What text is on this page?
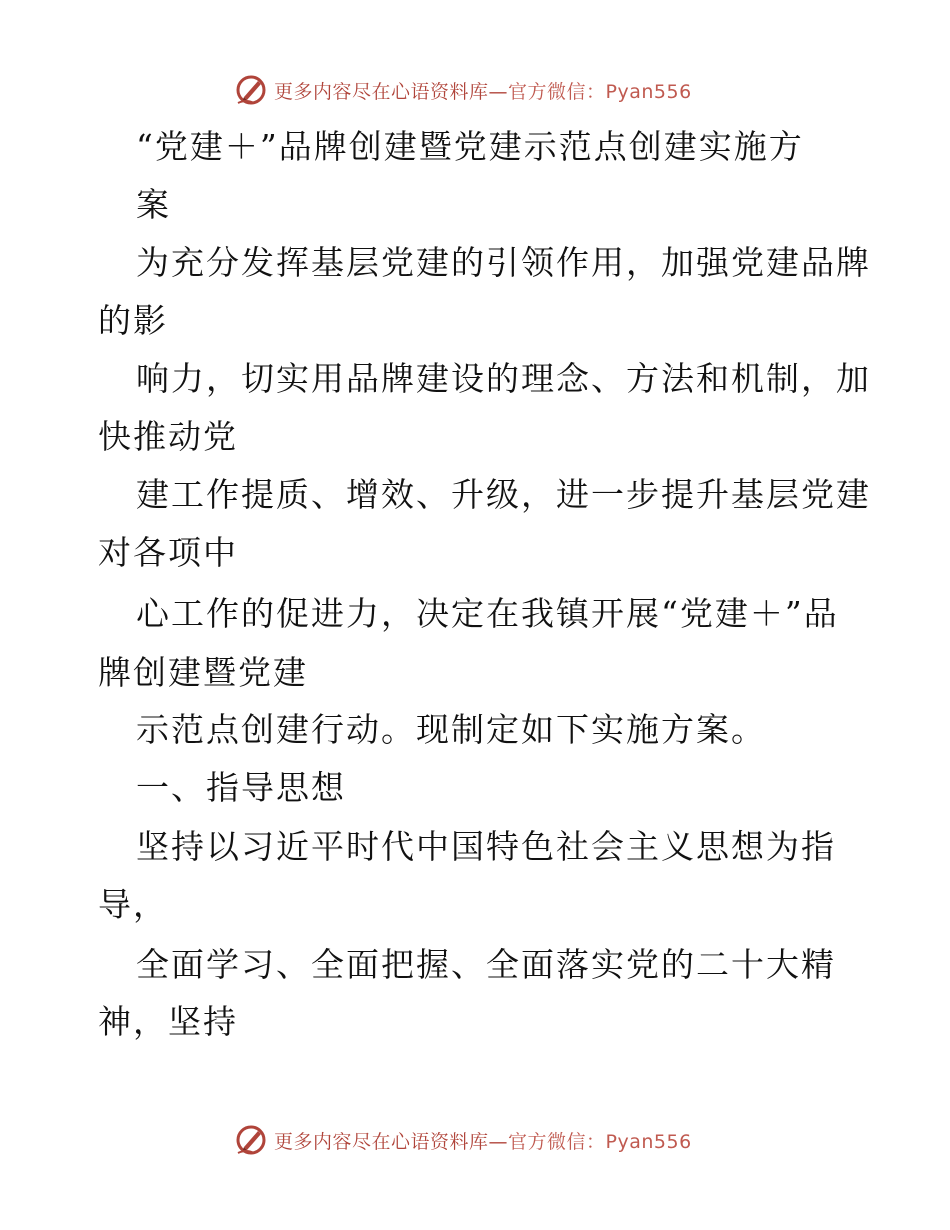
更多内容尽在心语资料库—官方微信：Pyan556
“党建＋”品牌创建暨党建示范点创建实施方
案
为充分发挥基层党建的引领作用，加强党建品牌
的影
响力，切实用品牌建设的理念、方法和机制，加
快推动党
建工作提质、增效、升级，进一步提升基层党建
对各项中
心工作的促进力，决定在我镇开展“党建＋”品
牌创建暨党建
示范点创建行动。现制定如下实施方案。
一、指导思想
坚持以习近平时代中国特色社会主义思想为指
导，
全面学习、全面把握、全面落实党的二十大精
神，坚持
更多内容尽在心语资料库—官方微信：Pyan556
